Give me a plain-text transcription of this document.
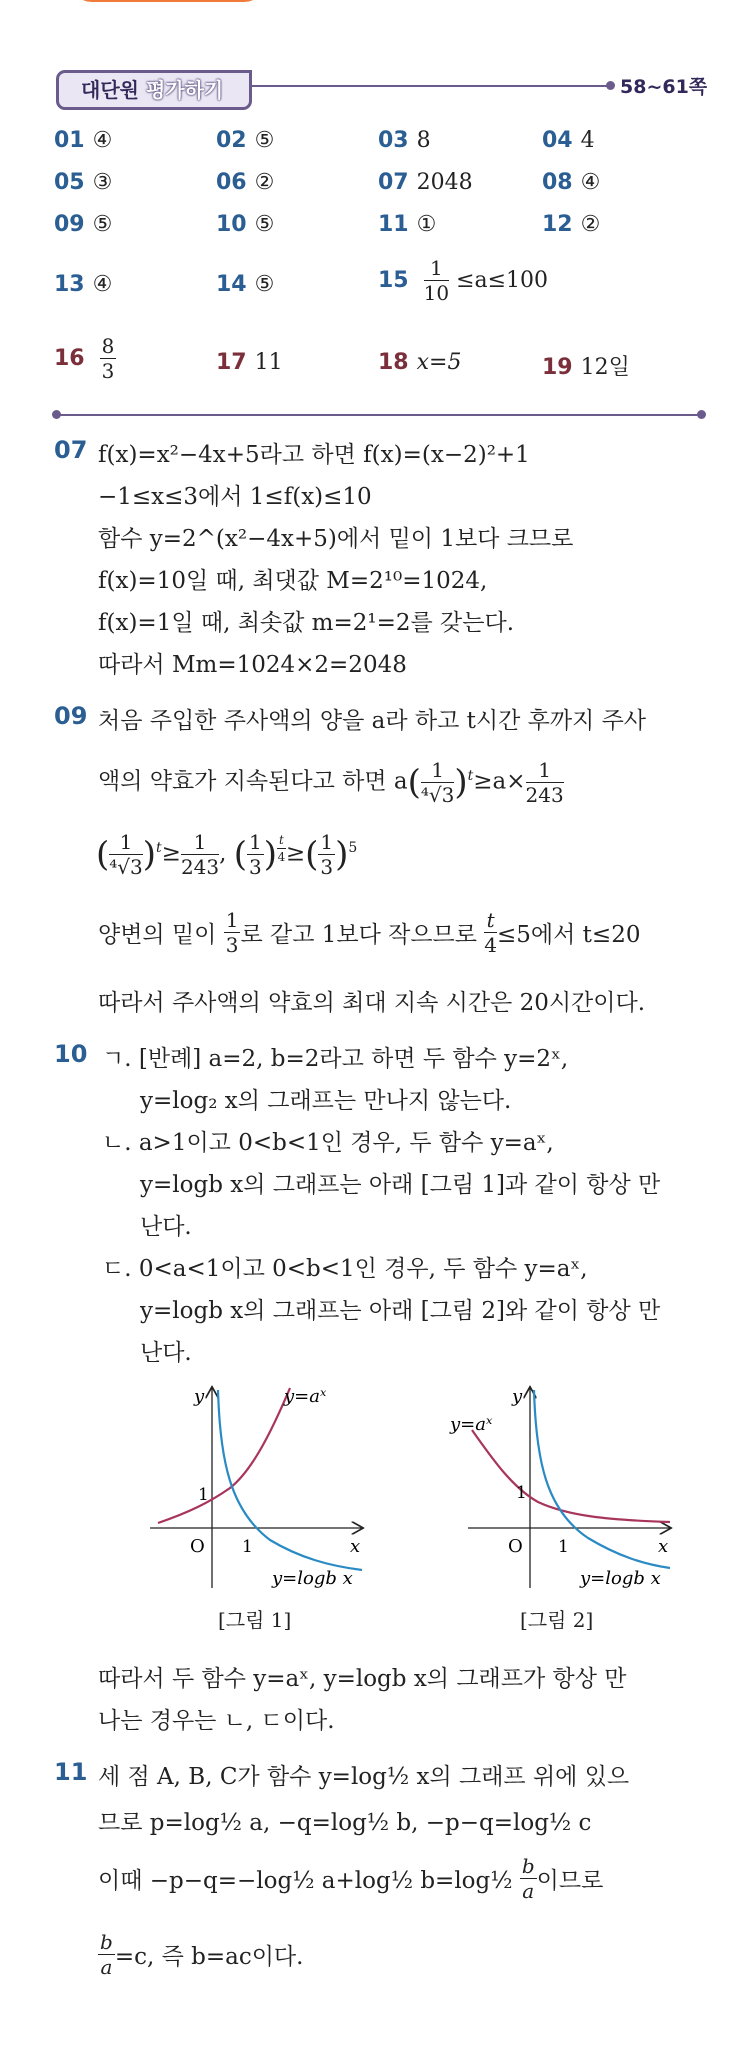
대단원 평가하기	58~61쪽
01 ④	02 ⑤	03 8	04 4
05 ③	06 ②	07 2048	08 ④
09 ⑤	10 ⑤	11 ①	12 ②
13 ④	14 ⑤	$15 \frac{1}{10} \le a\le 100$
$16 \frac{8}{3}$	17 11	18 x=5	19 12일
07 f(x)=x²−4x+5라고 하면 f(x)=(x−2)²+1
−1≤x≤3에서 1≤f(x)≤10
함수 y=2^(x²−4x+5)에서 밑이 1보다 크므로
f(x)=10일 때, 최댓값 M=2¹⁰=1024,
f(x)=1일 때, 최솟값 m=2¹=2를 갖는다.
따라서 Mm=1024×2=2048
09 처음 주입한 주사액의 양을 a라 하고 t시간 후까지 주사
액의 약효가 지속된다고 하면 $a( \frac{1}{\text{⁴√3}} )^t\ge a\times \frac{1}{243}$
( $\frac{1}{\text{⁴√3}} )^t\ge \frac{1}{243}$ , ( $\frac{1}{3}$ ) $^{\frac{t}{4}}$ ≥( $\frac{1}{3} )^5$
양변의 밑이 $\frac{1}{3}$ 로 같고 1보다 작으므로 $\frac{t}{4} \le 5$에서 t≤20
따라서 주사액의 약효의 최대 지속 시간은 20시간이다.
10 ㄱ. [반례] a=2, b=2라고 하면 두 함수 y=2ˣ,
y=log₂ x의 그래프는 만나지 않는다.
ㄴ. a>1이고 0<b<1인 경우, 두 함수 y=aˣ,
y=logb x의 그래프는 아래 [그림 1]과 같이 항상 만
난다.
ㄷ. 0<a<1이고 0<b<1인 경우, 두 함수 y=aˣ,
y=logb x의 그래프는 아래 [그림 2]와 같이 항상 만
난다.
y
x
O
1
1
y=aˣ
y=logb x
[그림 1]
y
x
O
1
1
y=aˣ
y=logb x
[그림 2]
따라서 두 함수 y=aˣ, y=logb x의 그래프가 항상 만
나는 경우는 ㄴ, ㄷ이다.
11 세 점 A, B, C가 함수 y=log½ x의 그래프 위에 있으
므로 p=log½ a, −q=log½ b, −p−q=log½ c
이때 −p−q=−log½ a+log½ b=log½ $\frac{b}{a}$ 이므로
$\frac{b}{a} =c$, 즉 b=ac이다.
